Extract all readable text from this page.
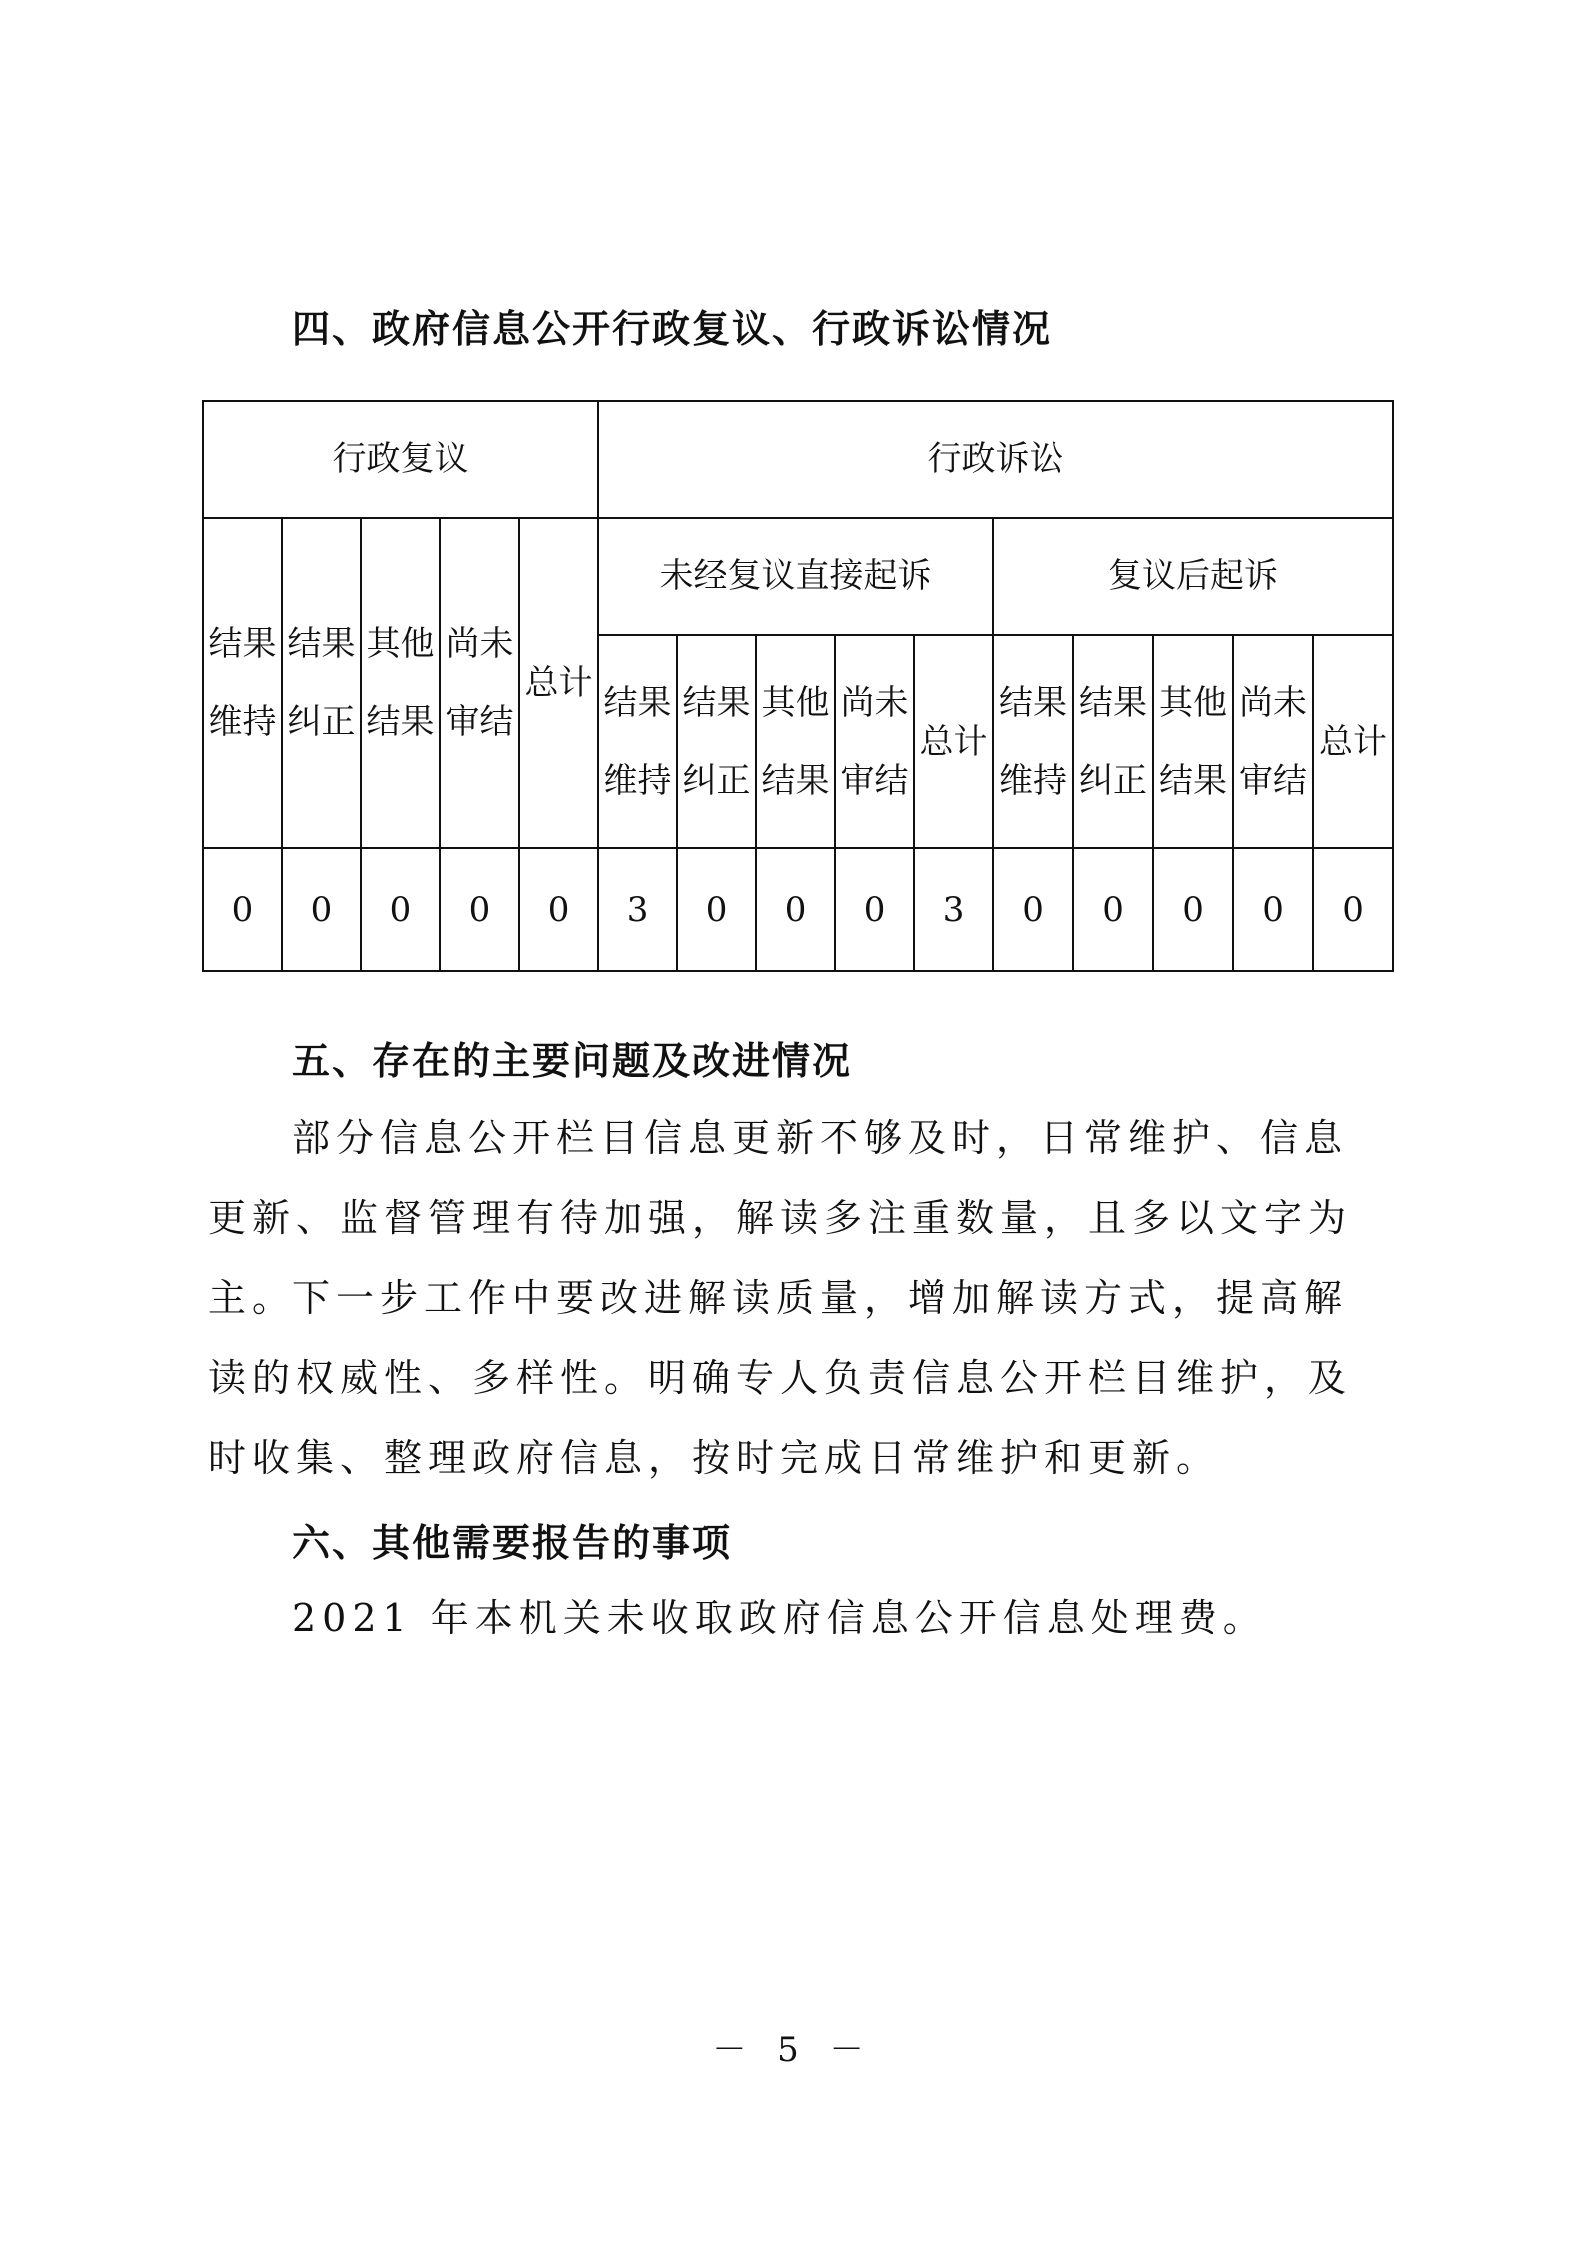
四、政府信息公开行政复议、行政诉讼情况
行政复议					行政诉讼									
结果维持	结果纠正	其他结果	尚未审结	总计	未经复议直接起诉					复议后起诉				
					结果维持	结果纠正	其他结果	尚未审结	总计	结果维持	结果纠正	其他结果	尚未审结	总计
0	0	0	0	0	3	0	0	0	3	0	0	0	0	0
五、存在的主要问题及改进情况

部分信息公开栏目信息更新不够及时，日常维护、信息更新、监督管理有待加强，解读多注重数量，且多以文字为主。

下一步工作中要改进解读质量，增加解读方式，提高解读的权威性、多样性。明确专人负责信息公开栏目维护，及时收集、整理政府信息，按时完成日常维护和更新。

六、其他需要报告的事项

2021 年本机关未收取政府信息公开信息处理费。

－ 5 －
